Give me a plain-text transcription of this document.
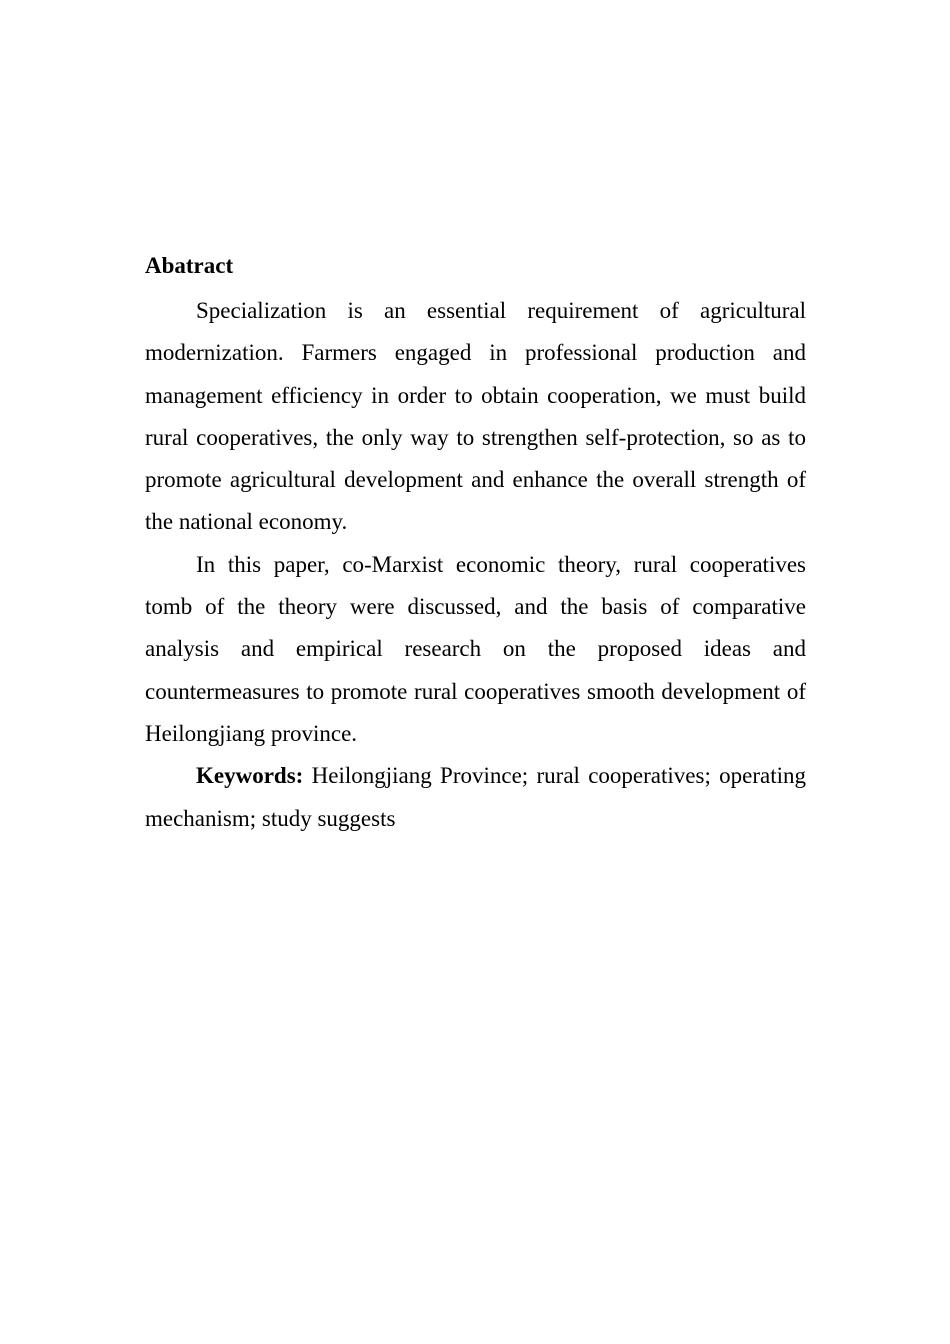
Abatract

Specialization is an essential requirement of agricultural modernization. Farmers engaged in professional production and management efficiency in order to obtain cooperation, we must build rural cooperatives, the only way to strengthen self-protection, so as to promote agricultural development and enhance the overall strength of the national economy.

In this paper, co-Marxist economic theory, rural cooperatives tomb of the theory were discussed, and the basis of comparative analysis and empirical research on the proposed ideas and countermeasures to promote rural cooperatives smooth development of Heilongjiang province.

Keywords: Heilongjiang Province; rural cooperatives; operating mechanism; study suggests
